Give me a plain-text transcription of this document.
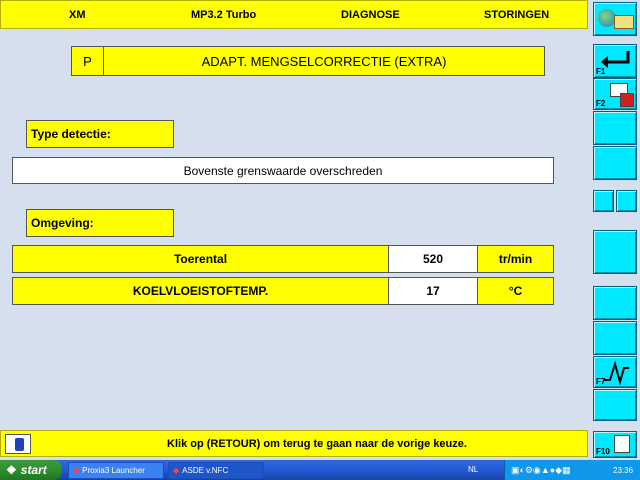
XM	MP3.2 Turbo	DIAGNOSE	STORINGEN
P	ADAPT. MENGSELCORRECTIE (EXTRA)
Type detectie:
Bovenste grenswaarde overschreden
Omgeving:
Toerental	520	tr/min
KOELVLOEISTOFTEMP.	17	°C
Klik op (RETOUR) om terug te gaan naar de vorige keuze.
F1
F2
F7
F10
❖ start	◆ Proxia3 Launcher	◆ ASDE v.NFC	NL	▣◐⚙◉▲●◆▦	23:36
